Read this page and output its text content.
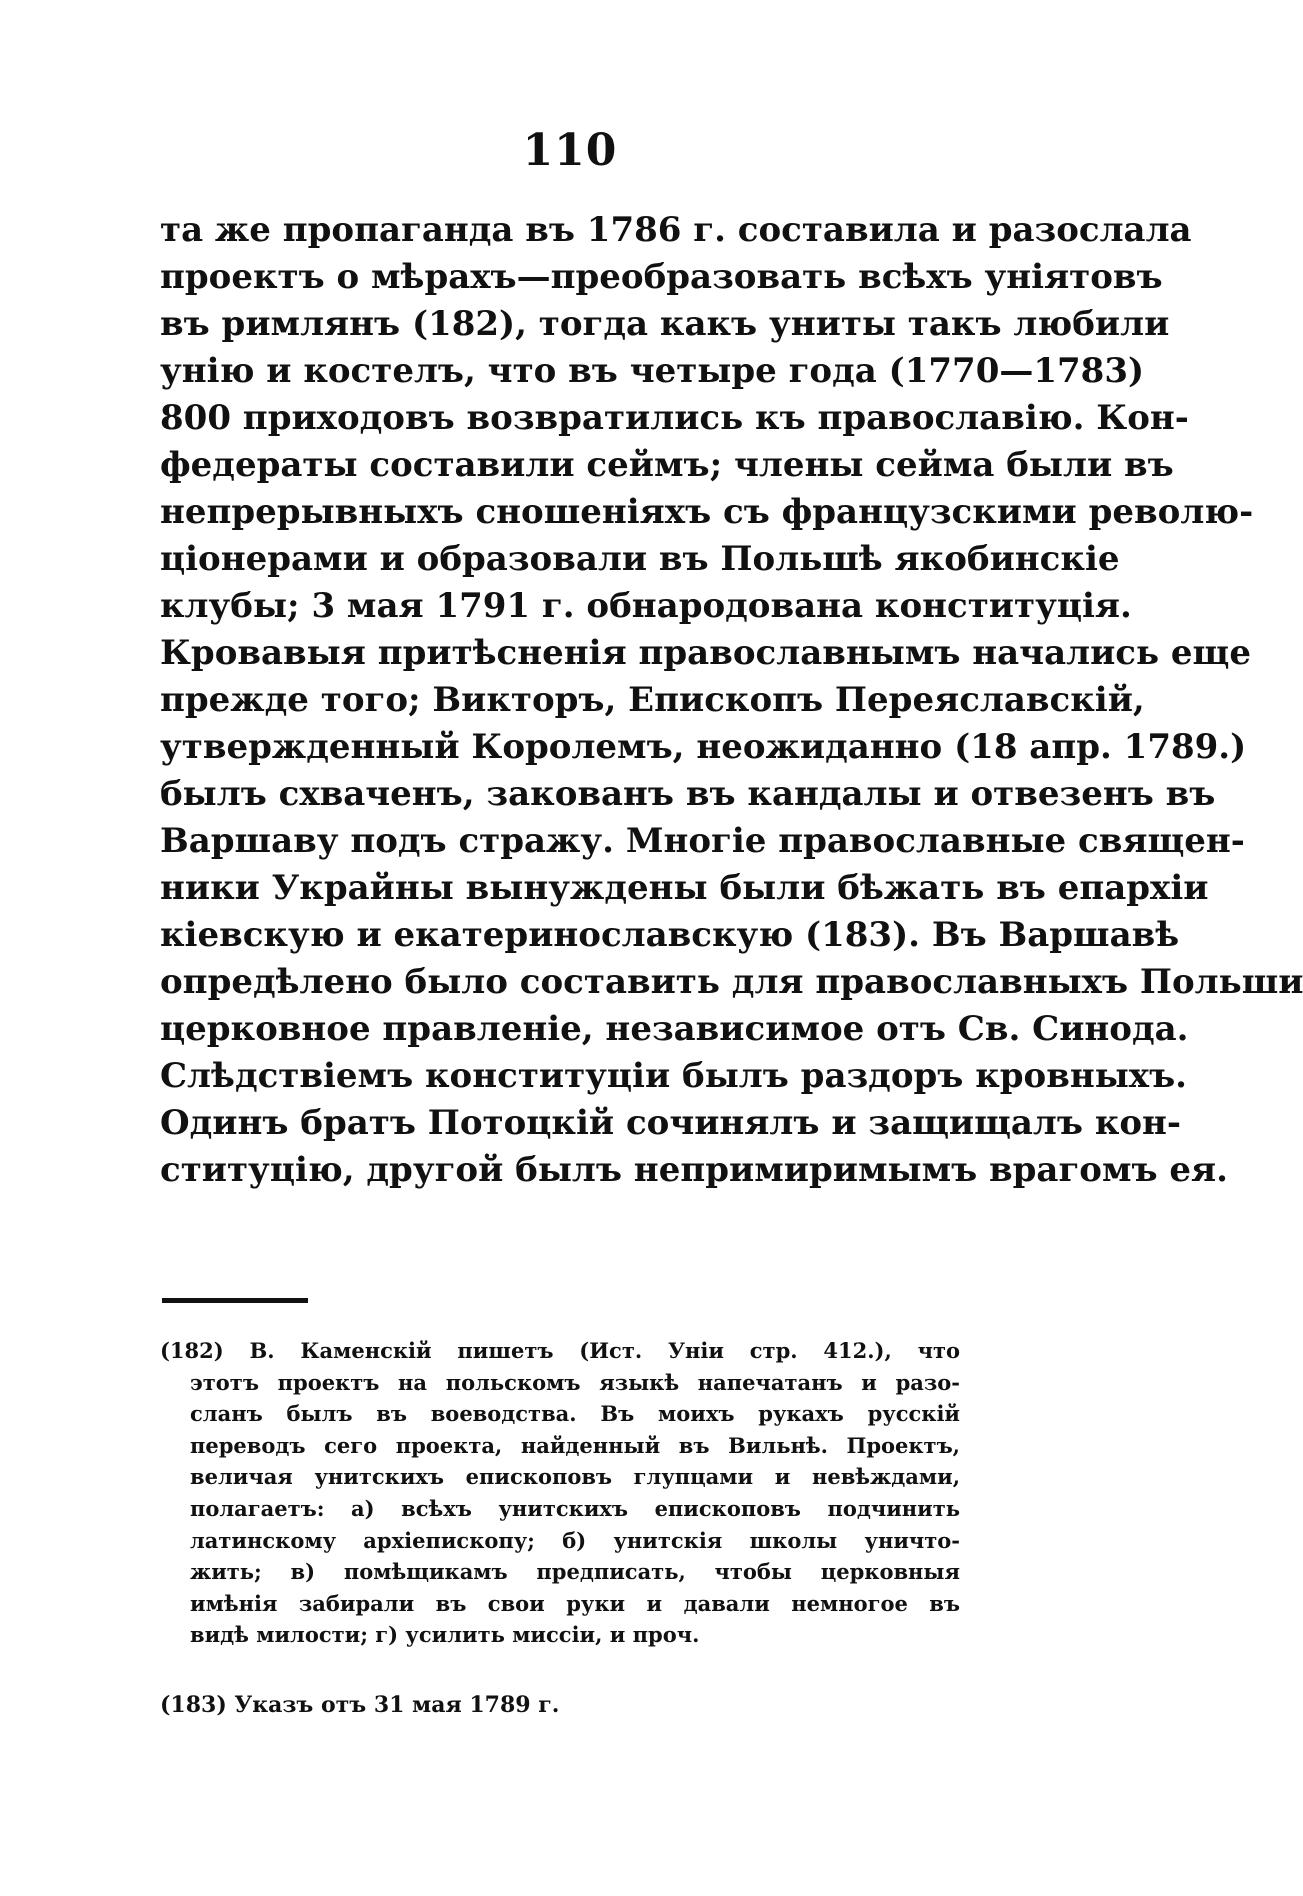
110
та же пропаганда въ 1786 г. составила и разослала
проектъ о мѣрахъ—преобразовать всѣхъ уніятовъ
въ римлянъ (182), тогда какъ униты такъ любили
унію и костелъ, что въ четыре года (1770—1783)
800 приходовъ возвратились къ православію. Кон-
федераты составили сеймъ; члены сейма были въ
непрерывныхъ сношеніяхъ съ французскими револю-
ціонерами и образовали въ Польшѣ якобинскіе
клубы; 3 мая 1791 г. обнародована конституція.
Кровавыя притѣсненія православнымъ начались еще
прежде того; Викторъ, Епископъ Переяславскій,
утвержденный Королемъ, неожиданно (18 апр. 1789.)
былъ схваченъ, закованъ въ кандалы и отвезенъ въ
Варшаву подъ стражу. Многіе православные священ-
ники Украйны вынуждены были бѣжать въ епархіи
кіевскую и екатеринославскую (183). Въ Варшавѣ
опредѣлено было составить для православныхъ Польши
церковное правленіе, независимое отъ Св. Синода.
Слѣдствіемъ конституціи былъ раздоръ кровныхъ.
Одинъ братъ Потоцкій сочинялъ и защищалъ кон-
ституцію, другой былъ непримиримымъ врагомъ ея.
(182) В. Каменскій пишетъ (Ист. Уніи стр. 412.), что
этотъ проектъ на польскомъ языкѣ напечатанъ и разо-
сланъ былъ въ воеводства. Въ моихъ рукахъ русскій
переводъ сего проекта, найденный въ Вильнѣ. Проектъ,
величая унитскихъ епископовъ глупцами и невѣждами,
полагаетъ: а) всѣхъ унитскихъ епископовъ подчинить
латинскому архіепископу; б) унитскія школы уничто-
жить; в) помѣщикамъ предписать, чтобы церковныя
имѣнія забирали въ свои руки и давали немногое въ
видѣ милости; г) усилить миссіи, и проч.
(183) Указъ отъ 31 мая 1789 г.
